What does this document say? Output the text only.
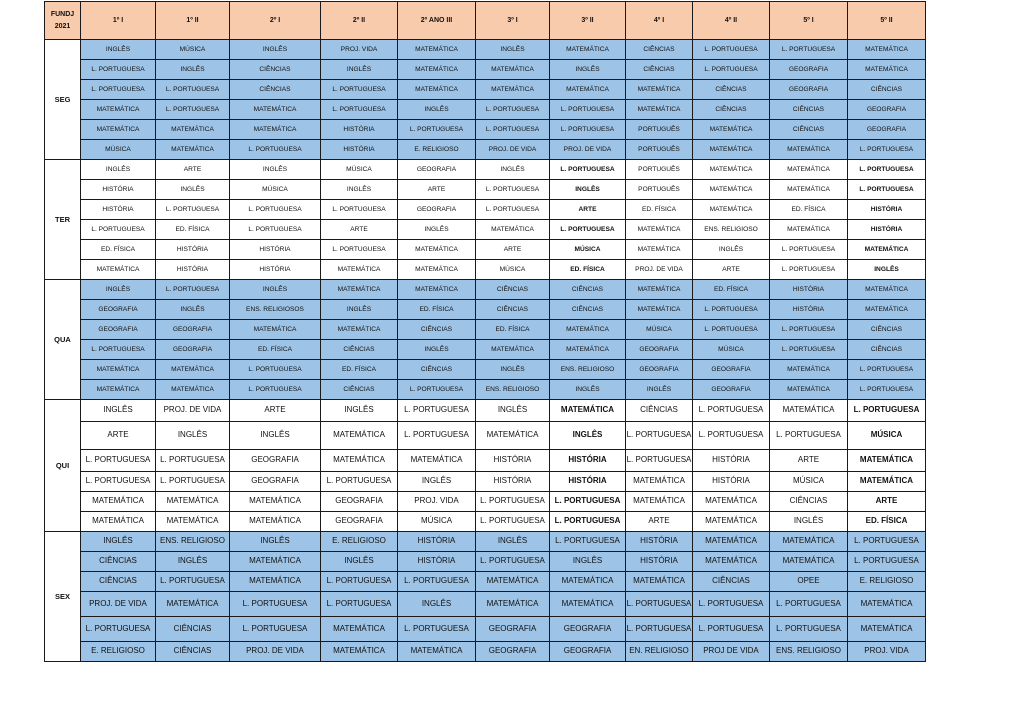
FUNDJ
2021	1º I	1º II	2º I	2º II	2º ANO III	3º I	3º II	4º I	4º II	5º I	5º II
SEG	INGLÊS	MÚSICA	INGLÊS	PROJ. VIDA	MATEMÁTICA	INGLÊS	MATEMÁTICA	CIÊNCIAS	L. PORTUGUESA	L. PORTUGUESA	MATEMÁTICA
	L. PORTUGUESA	INGLÊS	CIÊNCIAS	INGLÊS	MATEMÁTICA	MATEMÁTICA	INGLÊS	CIÊNCIAS	L. PORTUGUESA	GEOGRAFIA	MATEMÁTICA
	L. PORTUGUESA	L. PORTUGUESA	CIÊNCIAS	L. PORTUGUESA	MATEMÁTICA	MATEMÁTICA	MATEMÁTICA	MATEMÁTICA	CIÊNCIAS	GEOGRAFIA	CIÊNCIAS
	MATEMÁTICA	L. PORTUGUESA	MATEMÁTICA	L. PORTUGUESA	INGLÊS	L. PORTUGUESA	L. PORTUGUESA	MATEMÁTICA	CIÊNCIAS	CIÊNCIAS	GEOGRAFIA
	MATEMÁTICA	MATEMÁTICA	MATEMÁTICA	HISTÓRIA	L. PORTUGUESA	L. PORTUGUESA	L. PORTUGUESA	PORTUGUÊS	MATEMÁTICA	CIÊNCIAS	GEOGRAFIA
	MÚSICA	MATEMÁTICA	L. PORTUGUESA	HISTÓRIA	E. RELIGIOSO	PROJ. DE VIDA	PROJ. DE VIDA	PORTUGUÊS	MATEMÁTICA	MATEMÁTICA	L. PORTUGUESA
TER	INGLÊS	ARTE	INGLÊS	MÚSICA	GEOGRAFIA	INGLÊS	L. PORTUGUESA	PORTUGUÊS	MATEMÁTICA	MATEMÁTICA	L. PORTUGUESA
	HISTÓRIA	INGLÊS	MÚSICA	INGLÊS	ARTE	L. PORTUGUESA	INGLÊS	PORTUGUÊS	MATEMÁTICA	MATEMÁTICA	L. PORTUGUESA
	HISTÓRIA	L. PORTUGUESA	L. PORTUGUESA	L. PORTUGUESA	GEOGRAFIA	L. PORTUGUESA	ARTE	ED. FÍSICA	MATEMÁTICA	ED. FÍSICA	HISTÓRIA
	L. PORTUGUESA	ED. FÍSICA	L. PORTUGUESA	ARTE	INGLÊS	MATEMÁTICA	L. PORTUGUESA	MATEMÁTICA	ENS. RELIGIOSO	MATEMÁTICA	HISTÓRIA
	ED. FÍSICA	HISTÓRIA	HISTÓRIA	L. PORTUGUESA	MATEMÁTICA	ARTE	MÚSICA	MATEMÁTICA	INGLÊS	L. PORTUGUESA	MATEMÁTICA
	MATEMÁTICA	HISTÓRIA	HISTÓRIA	MATEMÁTICA	MATEMÁTICA	MÚSICA	ED. FÍSICA	PROJ. DE VIDA	ARTE	L. PORTUGUESA	INGLÊS
QUA	INGLÊS	L. PORTUGUESA	INGLÊS	MATEMÁTICA	MATEMÁTICA	CIÊNCIAS	CIÊNCIAS	MATEMÁTICA	ED. FÍSICA	HISTÓRIA	MATEMÁTICA
	GEOGRAFIA	INGLÊS	ENS. RELIGIOSOS	INGLÊS	ED. FÍSICA	CIÊNCIAS	CIÊNCIAS	MATEMÁTICA	L. PORTUGUESA	HISTÓRIA	MATEMÁTICA
	GEOGRAFIA	GEOGRAFIA	MATEMÁTICA	MATEMÁTICA	CIÊNCIAS	ED. FÍSICA	MATEMÁTICA	MÚSICA	L. PORTUGUESA	L. PORTUGUESA	CIÊNCIAS
	L. PORTUGUESA	GEOGRAFIA	ED. FÍSICA	CIÊNCIAS	INGLÊS	MATEMÁTICA	MATEMÁTICA	GEOGRAFIA	MÚSICA	L. PORTUGUESA	CIÊNCIAS
	MATEMÁTICA	MATEMÁTICA	L. PORTUGUESA	ED. FÍSICA	CIÊNCIAS	INGLÊS	ENS. RELIGIOSO	GEOGRAFIA	GEOGRAFIA	MATEMÁTICA	L. PORTUGUESA
	MATEMÁTICA	MATEMÁTICA	L. PORTUGUESA	CIÊNCIAS	L. PORTUGUESA	ENS. RELIGIOSO	INGLÊS	INGLÊS	GEOGRAFIA	MATEMÁTICA	L. PORTUGUESA
QUI	INGLÊS	PROJ. DE VIDA	ARTE	INGLÊS	L. PORTUGUESA	INGLÊS	MATEMÁTICA	CIÊNCIAS	L. PORTUGUESA	MATEMÁTICA	L. PORTUGUESA
	ARTE	INGLÊS	INGLÊS	MATEMÁTICA	L. PORTUGUESA	MATEMÁTICA	INGLÊS	L. PORTUGUESA	L. PORTUGUESA	L. PORTUGUESA	MÚSICA
	L. PORTUGUESA	L. PORTUGUESA	GEOGRAFIA	MATEMÁTICA	MATEMÁTICA	HISTÓRIA	HISTÓRIA	L. PORTUGUESA	HISTÓRIA	ARTE	MATEMÁTICA
	L. PORTUGUESA	L. PORTUGUESA	GEOGRAFIA	L. PORTUGUESA	INGLÊS	HISTÓRIA	HISTÓRIA	MATEMÁTICA	HISTÓRIA	MÚSICA	MATEMÁTICA
	MATEMÁTICA	MATEMÁTICA	MATEMÁTICA	GEOGRAFIA	PROJ. VIDA	L. PORTUGUESA	L. PORTUGUESA	MATEMÁTICA	MATEMÁTICA	CIÊNCIAS	ARTE
	MATEMÁTICA	MATEMÁTICA	MATEMÁTICA	GEOGRAFIA	MÚSICA	L. PORTUGUESA	L. PORTUGUESA	ARTE	MATEMÁTICA	INGLÊS	ED. FÍSICA
SEX	INGLÊS	ENS. RELIGIOSO	INGLÊS	E. RELIGIOSO	HISTÓRIA	INGLÊS	L. PORTUGUESA	HISTÓRIA	MATEMÁTICA	MATEMÁTICA	L. PORTUGUESA
	CIÊNCIAS	INGLÊS	MATEMÁTICA	INGLÊS	HISTÓRIA	L. PORTUGUESA	INGLÊS	HISTÓRIA	MATEMÁTICA	MATEMÁTICA	L. PORTUGUESA
	CIÊNCIAS	L. PORTUGUESA	MATEMÁTICA	L. PORTUGUESA	L. PORTUGUESA	MATEMÁTICA	MATEMÁTICA	MATEMÁTICA	CIÊNCIAS	OPEE	E. RELIGIOSO
	PROJ. DE VIDA	MATEMÁTICA	L. PORTUGUESA	L. PORTUGUESA	INGLÊS	MATEMÁTICA	MATEMÁTICA	L. PORTUGUESA	L. PORTUGUESA	L. PORTUGUESA	MATEMÁTICA
	L. PORTUGUESA	CIÊNCIAS	L. PORTUGUESA	MATEMÁTICA	L. PORTUGUESA	GEOGRAFIA	GEOGRAFIA	L. PORTUGUESA	L. PORTUGUESA	L. PORTUGUESA	MATEMÁTICA
	E. RELIGIOSO	CIÊNCIAS	PROJ. DE VIDA	MATEMÁTICA	MATEMÁTICA	GEOGRAFIA	GEOGRAFIA	EN. RELIGIOSO	PROJ DE VIDA	ENS. RELIGIOSO	PROJ. VIDA
